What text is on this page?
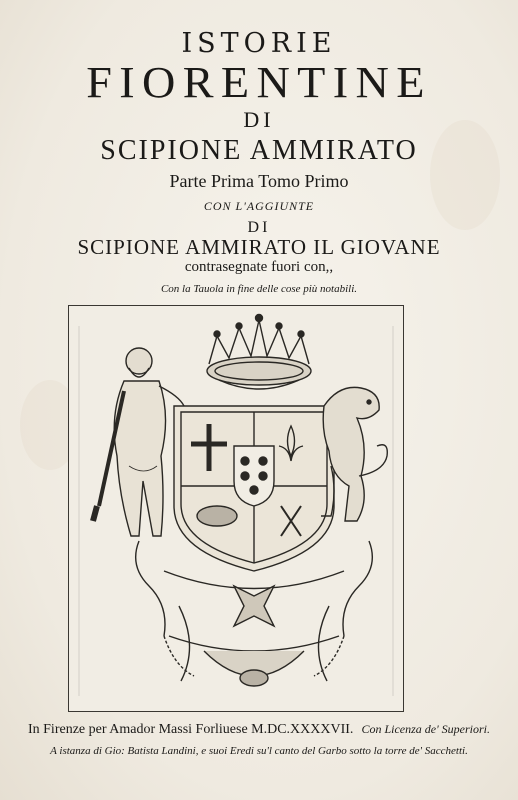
ISTORIE
FIORENTINE
DI
SCIPIONE AMMIRATO
Parte Prima Tomo Primo
CON L'AGGIUNTE
DI
SCIPIONE AMMIRATO IL GIOVANE
contrasegnate fuori con,,
Con la Tauola in fine delle cose più notabili.
In Firenze per Amador Massi Forliuese M.DC.XXXXVII. Con Licenza de' Superiori.
A istanza di Gio: Batista Landini, e suoi Eredi su'l canto del Garbo sotto la torre de' Sacchetti.
